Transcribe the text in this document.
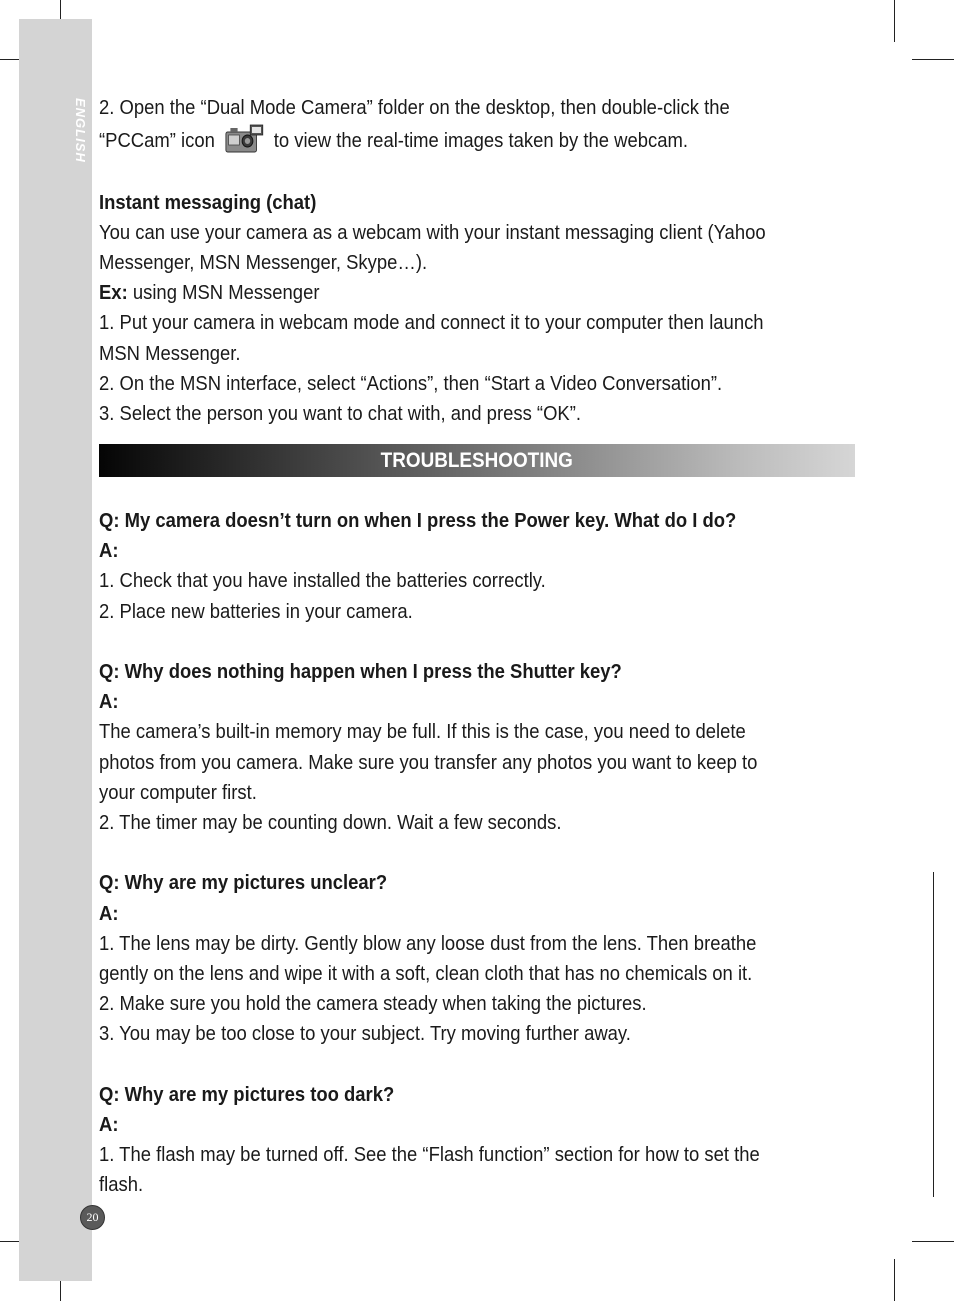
ENGLISH
20

2. Open the “Dual Mode Camera” folder on the desktop, then double-click the

“PCCam” icon	to view the real-time images taken by the webcam.

Instant messaging (chat)

You can use your camera as a webcam with your instant messaging client (Yahoo

Messenger, MSN Messenger, Skype…).

Ex: using MSN Messenger

1. Put your camera in webcam mode and connect it to your computer then launch

MSN Messenger.

2. On the MSN interface, select “Actions”, then “Start a Video Conversation”.

3. Select the person you want to chat with, and press “OK”.

TROUBLESHOOTING

Q: My camera doesn’t turn on when I press the Power key. What do I do?

A:

1. Check that you have installed the batteries correctly.

2. Place new batteries in your camera.

Q: Why does nothing happen when I press the Shutter key?

A:

The camera’s built-in memory may be full. If this is the case, you need to delete

photos from you camera. Make sure you transfer any photos you want to keep to

your computer first.

2. The timer may be counting down. Wait a few seconds.

Q: Why are my pictures unclear?

A:

1. The lens may be dirty. Gently blow any loose dust from the lens. Then breathe

gently on the lens and wipe it with a soft, clean cloth that has no chemicals on it.

2. Make sure you hold the camera steady when taking the pictures.

3. You may be too close to your subject. Try moving further away.

Q: Why are my pictures too dark?

A:

1. The flash may be turned off. See the “Flash function” section for how to set the

flash.
